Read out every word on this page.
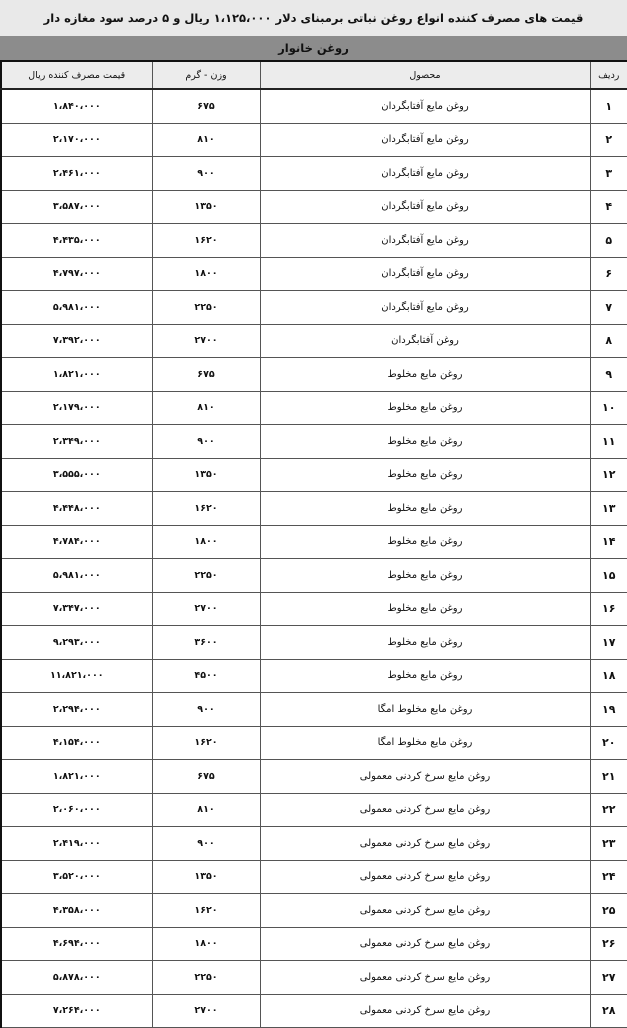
قیمت های مصرف کننده انواع روغن نباتی برمبنای دلار ۱،۱۲۵،۰۰۰ ریال و ۵ درصد سود مغازه دار
روغن خانوار
ردیف	محصول	وزن - گرم	قیمت مصرف کننده ریال
۱	روغن مایع آفتابگردان	۶۷۵	۱،۸۴۰،۰۰۰
۲	روغن مایع آفتابگردان	۸۱۰	۲،۱۷۰،۰۰۰
۳	روغن مایع آفتابگردان	۹۰۰	۲،۴۶۱،۰۰۰
۴	روغن مایع آفتابگردان	۱۳۵۰	۳،۵۸۷،۰۰۰
۵	روغن مایع آفتابگردان	۱۶۲۰	۴،۴۳۵،۰۰۰
۶	روغن مایع آفتابگردان	۱۸۰۰	۴،۷۹۷،۰۰۰
۷	روغن مایع آفتابگردان	۲۲۵۰	۵،۹۸۱،۰۰۰
۸	روغن آفتابگردان	۲۷۰۰	۷،۳۹۲،۰۰۰
۹	روغن مایع مخلوط	۶۷۵	۱،۸۲۱،۰۰۰
۱۰	روغن مایع مخلوط	۸۱۰	۲،۱۷۹،۰۰۰
۱۱	روغن مایع مخلوط	۹۰۰	۲،۳۴۹،۰۰۰
۱۲	روغن مایع مخلوط	۱۳۵۰	۳،۵۵۵،۰۰۰
۱۳	روغن مایع مخلوط	۱۶۲۰	۴،۴۴۸،۰۰۰
۱۴	روغن مایع مخلوط	۱۸۰۰	۴،۷۸۴،۰۰۰
۱۵	روغن مایع مخلوط	۲۲۵۰	۵،۹۸۱،۰۰۰
۱۶	روغن مایع مخلوط	۲۷۰۰	۷،۳۴۷،۰۰۰
۱۷	روغن مایع مخلوط	۳۶۰۰	۹،۲۹۳،۰۰۰
۱۸	روغن مایع مخلوط	۴۵۰۰	۱۱،۸۲۱،۰۰۰
۱۹	روغن مایع مخلوط امگا	۹۰۰	۲،۲۹۴،۰۰۰
۲۰	روغن مایع مخلوط امگا	۱۶۲۰	۴،۱۵۴،۰۰۰
۲۱	روغن مایع سرخ کردنی معمولی	۶۷۵	۱،۸۲۱،۰۰۰
۲۲	روغن مایع سرخ کردنی معمولی	۸۱۰	۲،۰۶۰،۰۰۰
۲۳	روغن مایع سرخ کردنی معمولی	۹۰۰	۲،۴۱۹،۰۰۰
۲۴	روغن مایع سرخ کردنی معمولی	۱۳۵۰	۳،۵۲۰،۰۰۰
۲۵	روغن مایع سرخ کردنی معمولی	۱۶۲۰	۴،۳۵۸،۰۰۰
۲۶	روغن مایع سرخ کردنی معمولی	۱۸۰۰	۴،۶۹۴،۰۰۰
۲۷	روغن مایع سرخ کردنی معمولی	۲۲۵۰	۵،۸۷۸،۰۰۰
۲۸	روغن مایع سرخ کردنی معمولی	۲۷۰۰	۷،۲۶۴،۰۰۰
